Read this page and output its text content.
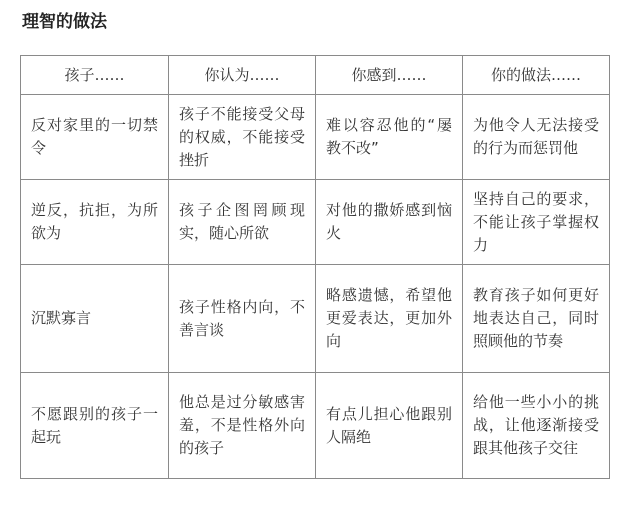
理智的做法
孩子……	你认为……	你感到……	你的做法……
反对家里的一切禁令	孩子不能接受父母的权威，不能接受挫折	难以容忍他的“屡教不改”	为他令人无法接受的行为而惩罚他
逆反，抗拒，为所欲为	孩子企图罔顾现实，随心所欲	对他的撒娇感到恼火	坚持自己的要求，不能让孩子掌握权力
沉默寡言	孩子性格内向，不善言谈	略感遗憾，希望他更爱表达，更加外向	教育孩子如何更好地表达自己，同时照顾他的节奏
不愿跟别的孩子一起玩	他总是过分敏感害羞，不是性格外向的孩子	有点儿担心他跟别人隔绝	给他一些小小的挑战，让他逐渐接受跟其他孩子交往
